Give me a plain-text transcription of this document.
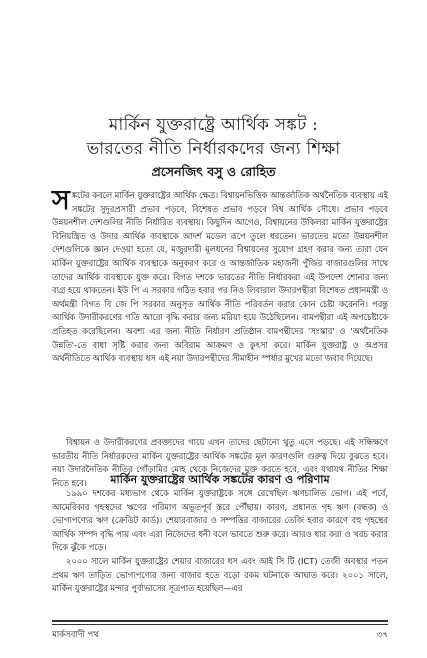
মার্কিন যুক্তরাষ্ট্রে আর্থিক সঙ্কট :
ভারতের নীতি নির্ধারকদের জন্য শিক্ষা
প্রসেনজিৎ বসু ও রোহিত
স ঙ্কটের কবলে মার্কিন যুক্তরাষ্ট্রের আর্থিক ক্ষেত্র। বিশ্বায়নভিত্তিক আন্তর্জাতিক অর্থনৈতিক ব্যবস্থায় এই সঙ্কটের সুদূরপ্রসারী প্রভাব পড়বে, বিশেষত প্রভাব পড়বে বিশ্ব আর্থিক সৌধে। প্রভাব পড়বে উন্নয়নশীল দেশগুলির নীতি নির্ধারিত ব্যবস্থায়। কিছুদিন আগেও, বিশ্বায়নের উকিলরা মার্কিন যুক্তরাষ্ট্রের বিনিয়ন্ত্রিত ও উদার আর্থিক ব্যবস্থাকে আদর্শ মডেল রূপে তুলে ধরতেন। ভারতের মতো উন্নয়নশীল দেশগুলিকে জ্ঞান দেওয়া হতো যে, মজুরদারী মূলধনের বিশ্বায়নের সুযোগ গ্রহণ করার জন্য তারা যেন মার্কিন যুক্তরাষ্ট্রের আর্থিক ব্যবস্থাকে অনুকরণ করে ও আন্তর্জাতিক মহাজনী পুঁজির বাজারগুলির সাথে তাদের আর্থিক ব্যবস্থাকে যুক্ত করে। বিগত দশকে ভারতের নীতি নির্ধারকরা এই উপদেশ শোনার জন্য ব্যগ্র হয়ে থাকতেন। ইউ পি এ সরকার গঠিত হবার পর নিও লিবারাল উদারপন্থীরা বিশেষত প্রধানমন্ত্রী ও অর্থমন্ত্রী বিগত বি জে পি সরকার অনুসৃত আর্থিক নীতি পরিবর্তন করার কোন চেষ্টা করেননি। পরন্তু আর্থিক উদারীকরণের গতি আরো বৃদ্ধি করার জন্য মরিয়া হয়ে উঠেছিলেন। বামপন্থীরা এই অপচেষ্টাকে প্রতিহত করেছিলেন। অবশ্য এর জন্য নীতি নির্ধারণ প্রতিষ্ঠান বামপন্থীদের 'সংস্কার' ও 'অর্থনৈতিক উন্নতি'-তে বাধা সৃষ্টি করার জন্য অবিরাম আক্রমণ ও কুৎসা করে। মার্কিন যুক্তরাষ্ট্র ও অপ্রসর অর্থনীতিতে আর্থিক ব্যবস্থায় ধস এই নয়া উদারপন্থীদের সীমাহীন স্পর্ধার মুখের মতো জবাব দিয়েছে।
বিশ্বায়ন ও উদারীকরণের প্রবক্তাদের গায়ে এখন তাদের ছেটানো থুতু এসে পড়ছে। এই সন্ধিক্ষণে ভারতীয় নীতি নির্ধারকদের মার্কিন যুক্তরাষ্ট্রের আর্থিক সঙ্কটের মূল কারণগুলি গুরুত্ব দিয়ে বুঝতে হবে। নয়া উদারনৈতিক নীতির গোঁড়ামির মোহ থেকে নিজেদের মুক্ত করতে হবে, এবং যথাযথ নীতির শিক্ষা নিতে হবে।	মার্কিন যুক্তরাষ্ট্রের আর্থিক সঙ্কটের কারণ ও পরিণাম

১৯৯০ দশকের মধ্যভাগ থেকে মার্কিন যুক্তরাষ্ট্রকে সঙ্গে রেখেছিল ঋণচালিত ভোগ। এই পর্বে, আমেরিকার গৃহস্থদের ঋণের পরিমাণ অভূতপূর্ব স্তরে পৌঁছায়। কারণ, প্রধানত গৃহ ঋণ (বন্ধক) ও ভোগ্যপণ্যের ঋণ (ক্রেডিট কার্ড)। শেয়ারবাজার ও সম্পত্তির বাজারের তেজি হবার কারণে বহু গৃহস্থের আর্থিক সম্পদ বৃদ্ধি পায় এবং এরা নিজেদের ধনী বলে ভাবতে শুরু করে। আরও ধার করা ও খরচ করার দিকে ঝুঁকে পড়ে।

২০০০ সালে মার্কিন যুক্তরাষ্ট্রের শেয়ার বাজারের ধস এবং আই সি টি (ICT) তেজী অবস্থার পতন প্রথম ঋণ তাড়িত ভোগ্যপণ্যের জন্য বাজার হতে বড়ো রকম ঘটনাকে আঘাত করে। ২০০১ সালে, মার্কিন যুক্তরাষ্ট্রের মন্দার পুর্বাভাসের সূত্রপাত হয়েছিল—এর

মার্কসবাদী পথ	৩৭
